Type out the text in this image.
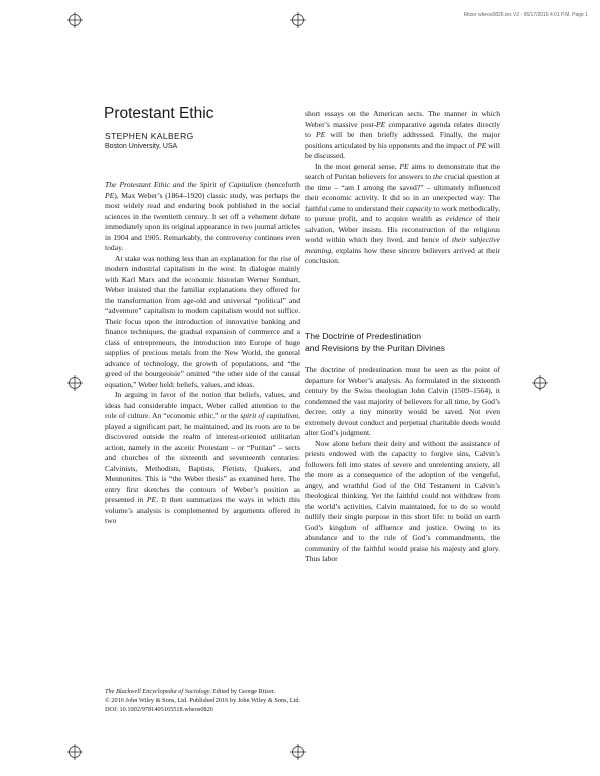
Ritzer wbeos0826.tex V2 - 06/17/2016 4:01 P.M. Page 1
Protestant Ethic
STEPHEN KALBERG
Boston University, USA

The Protestant Ethic and the Spirit of Capitalism (henceforth PE), Max Weber’s (1864–1920) classic study, was perhaps the most widely read and enduring book published in the social sciences in the twentieth century. It set off a vehement debate immediately upon its original appearance in two journal articles in 1904 and 1905. Remarkably, the controversy continues even today.

At stake was nothing less than an explanation for the rise of modern industrial capitalism in the west. In dialogue mainly with Karl Marx and the economic historian Werner Sombart, Weber insisted that the familiar explanations they offered for the transformation from age-old and universal “political” and “adventure” capitalism to modern capitalism would not suffice. Their focus upon the introduction of innovative banking and finance techniques, the gradual expansion of commerce and a class of entrepreneurs, the introduction into Europe of huge supplies of precious metals from the New World, the general advance of technology, the growth of populations, and “the greed of the bourgeoisie” omitted “the other side of the causal equation,” Weber held: beliefs, values, and ideas.

In arguing in favor of the notion that beliefs, values, and ideas had considerable impact, Weber called attention to the role of culture. An “economic ethic,” or the spirit of capitalism, played a significant part, he maintained, and its roots are to be discovered outside the realm of interest-oriented utilitarian action, namely in the ascetic Protestant – or “Puritan” – sects and churches of the sixteenth and seventeenth centuries: Calvinists, Methodists, Baptists, Pietists, Quakers, and Mennonites. This is “the Weber thesis” as examined here. The entry first sketches the contours of Weber’s position as presented in PE. It then summarizes the ways in which this volume’s analysis is complemented by arguments offered in two

short essays on the American sects. The manner in which Weber’s massive post-PE comparative agenda relates directly to PE will be then briefly addressed. Finally, the major positions articulated by his opponents and the impact of PE will be discussed.

In the most general sense, PE aims to demonstrate that the search of Puritan believers for answers to the crucial question at the time – “am I among the saved?” – ultimately influenced their economic activity. It did so in an unexpected way: The faithful came to understand their capacity to work methodically, to pursue profit, and to acquire wealth as evidence of their salvation, Weber insists. His reconstruction of the religious world within which they lived, and hence of their subjective meaning, explains how these sincere believers arrived at their conclusion.

The Doctrine of Predestination
and Revisions by the Puritan Divines

The doctrine of predestination must be seen as the point of departure for Weber’s analysis. As formulated in the sixteenth century by the Swiss theologian John Calvin (1509–1564), it condemned the vast majority of believers for all time, by God’s decree; only a tiny minority would be saved. Not even extremely devout conduct and perpetual charitable deeds would alter God’s judgment.

Now alone before their deity and without the assistance of priests endowed with the capacity to forgive sins, Calvin’s followers fell into states of severe and unrelenting anxiety, all the more as a consequence of the adoption of the vengeful, angry, and wrathful God of the Old Testament in Calvin’s theological thinking. Yet the faithful could not withdraw from the world’s activities, Calvin maintained, for to do so would nullify their single purpose in this short life: to build on earth God’s kingdom of affluence and justice. Owing to its abundance and to the rule of God’s commandments, the community of the faithful would praise his majesty and glory. Thus labor

The Blackwell Encyclopedia of Sociology. Edited by George Ritzer.
© 2016 John Wiley & Sons, Ltd. Published 2016 by John Wiley & Sons, Ltd.
DOI: 10.1002/9781405165518.wbeos0826
